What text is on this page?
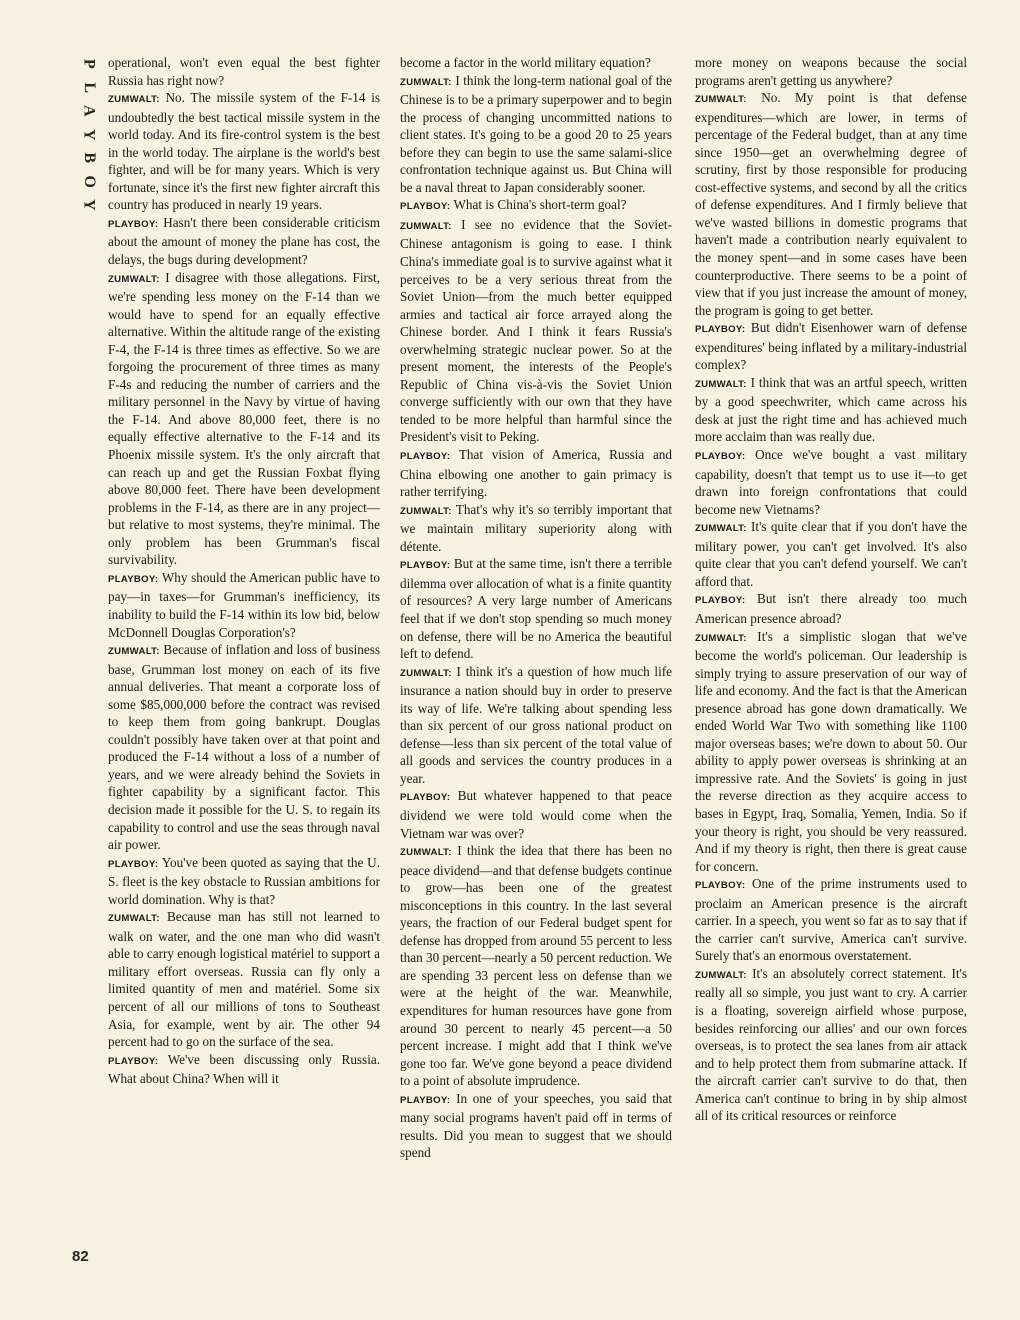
P
L
A
Y
B
O
Y

operational, won't even equal the best fighter Russia has right now?

ZUMWALT: No. The missile system of the F-14 is undoubtedly the best tactical missile system in the world today. And its fire-control system is the best in the world today. The airplane is the world's best fighter, and will be for many years. Which is very fortunate, since it's the first new fighter aircraft this country has produced in nearly 19 years.

PLAYBOY: Hasn't there been considerable criticism about the amount of money the plane has cost, the delays, the bugs during development?

ZUMWALT: I disagree with those allegations. First, we're spending less money on the F-14 than we would have to spend for an equally effective alternative. Within the altitude range of the existing F-4, the F-14 is three times as effective. So we are forgoing the procurement of three times as many F-4s and reducing the number of carriers and the military personnel in the Navy by virtue of having the F-14. And above 80,000 feet, there is no equally effective alternative to the F-14 and its Phoenix missile system. It's the only aircraft that can reach up and get the Russian Foxbat flying above 80,000 feet. There have been development problems in the F-14, as there are in any project—but relative to most systems, they're minimal. The only problem has been Grumman's fiscal survivability.

PLAYBOY: Why should the American public have to pay—in taxes—for Grumman's inefficiency, its inability to build the F-14 within its low bid, below McDonnell Douglas Corporation's?

ZUMWALT: Because of inflation and loss of business base, Grumman lost money on each of its five annual deliveries. That meant a corporate loss of some $85,000,000 before the contract was revised to keep them from going bankrupt. Douglas couldn't possibly have taken over at that point and produced the F-14 without a loss of a number of years, and we were already behind the Soviets in fighter capability by a significant factor. This decision made it possible for the U. S. to regain its capability to control and use the seas through naval air power.

PLAYBOY: You've been quoted as saying that the U. S. fleet is the key obstacle to Russian ambitions for world domination. Why is that?

ZUMWALT: Because man has still not learned to walk on water, and the one man who did wasn't able to carry enough logistical matériel to support a military effort overseas. Russia can fly only a limited quantity of men and matériel. Some six percent of all our millions of tons to Southeast Asia, for example, went by air. The other 94 percent had to go on the surface of the sea.

PLAYBOY: We've been discussing only Russia. What about China? When will it

become a factor in the world military equation?

ZUMWALT: I think the long-term national goal of the Chinese is to be a primary superpower and to begin the process of changing uncommitted nations to client states. It's going to be a good 20 to 25 years before they can begin to use the same salami-slice confrontation technique against us. But China will be a naval threat to Japan considerably sooner.

PLAYBOY: What is China's short-term goal?

ZUMWALT: I see no evidence that the Soviet-Chinese antagonism is going to ease. I think China's immediate goal is to survive against what it perceives to be a very serious threat from the Soviet Union—from the much better equipped armies and tactical air force arrayed along the Chinese border. And I think it fears Russia's overwhelming strategic nuclear power. So at the present moment, the interests of the People's Republic of China vis-à-vis the Soviet Union converge sufficiently with our own that they have tended to be more helpful than harmful since the President's visit to Peking.

PLAYBOY: That vision of America, Russia and China elbowing one another to gain primacy is rather terrifying.

ZUMWALT: That's why it's so terribly important that we maintain military superiority along with détente.

PLAYBOY: But at the same time, isn't there a terrible dilemma over allocation of what is a finite quantity of resources? A very large number of Americans feel that if we don't stop spending so much money on defense, there will be no America the beautiful left to defend.

ZUMWALT: I think it's a question of how much life insurance a nation should buy in order to preserve its way of life. We're talking about spending less than six percent of our gross national product on defense—less than six percent of the total value of all goods and services the country produces in a year.

PLAYBOY: But whatever happened to that peace dividend we were told would come when the Vietnam war was over?

ZUMWALT: I think the idea that there has been no peace dividend—and that defense budgets continue to grow—has been one of the greatest misconceptions in this country. In the last several years, the fraction of our Federal budget spent for defense has dropped from around 55 percent to less than 30 percent—nearly a 50 percent reduction. We are spending 33 percent less on defense than we were at the height of the war. Meanwhile, expenditures for human resources have gone from around 30 percent to nearly 45 percent—a 50 percent increase. I might add that I think we've gone too far. We've gone beyond a peace dividend to a point of absolute imprudence.

PLAYBOY: In one of your speeches, you said that many social programs haven't paid off in terms of results. Did you mean to suggest that we should spend

more money on weapons because the social programs aren't getting us anywhere?

ZUMWALT: No. My point is that defense expenditures—which are lower, in terms of percentage of the Federal budget, than at any time since 1950—get an overwhelming degree of scrutiny, first by those responsible for producing cost-effective systems, and second by all the critics of defense expenditures. And I firmly believe that we've wasted billions in domestic programs that haven't made a contribution nearly equivalent to the money spent—and in some cases have been counterproductive. There seems to be a point of view that if you just increase the amount of money, the program is going to get better.

PLAYBOY: But didn't Eisenhower warn of defense expenditures' being inflated by a military-industrial complex?

ZUMWALT: I think that was an artful speech, written by a good speechwriter, which came across his desk at just the right time and has achieved much more acclaim than was really due.

PLAYBOY: Once we've bought a vast military capability, doesn't that tempt us to use it—to get drawn into foreign confrontations that could become new Vietnams?

ZUMWALT: It's quite clear that if you don't have the military power, you can't get involved. It's also quite clear that you can't defend yourself. We can't afford that.

PLAYBOY: But isn't there already too much American presence abroad?

ZUMWALT: It's a simplistic slogan that we've become the world's policeman. Our leadership is simply trying to assure preservation of our way of life and economy. And the fact is that the American presence abroad has gone down dramatically. We ended World War Two with something like 1100 major overseas bases; we're down to about 50. Our ability to apply power overseas is shrinking at an impressive rate. And the Soviets' is going in just the reverse direction as they acquire access to bases in Egypt, Iraq, Somalia, Yemen, India. So if your theory is right, you should be very reassured. And if my theory is right, then there is great cause for concern.

PLAYBOY: One of the prime instruments used to proclaim an American presence is the aircraft carrier. In a speech, you went so far as to say that if the carrier can't survive, America can't survive. Surely that's an enormous overstatement.

ZUMWALT: It's an absolutely correct statement. It's really all so simple, you just want to cry. A carrier is a floating, sovereign airfield whose purpose, besides reinforcing our allies' and our own forces overseas, is to protect the sea lanes from air attack and to help protect them from submarine attack. If the aircraft carrier can't survive to do that, then America can't continue to bring in by ship almost all of its critical resources or reinforce

82
